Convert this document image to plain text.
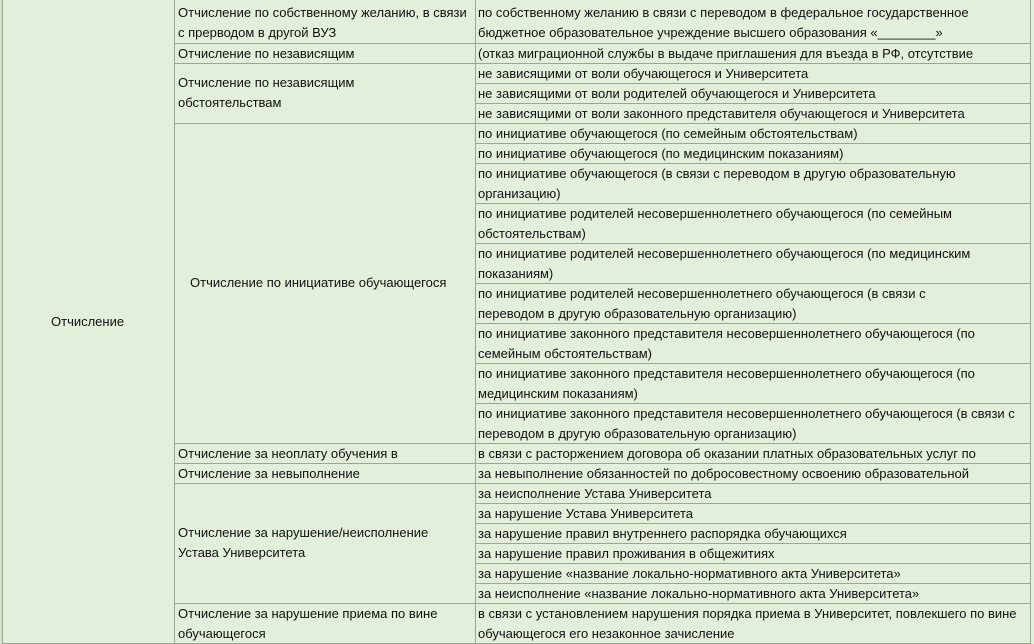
Отчисление
Отчисление по собственному желанию, в связи с прерводом в другой ВУЗ
Отчисление по независящим
Отчисление по независящим обстоятельствам
Отчисление по инициативе обучающегося
Отчисление за неоплату обучения в
Отчисление за невыполнение
Отчисление за нарушение/неисполнение Устава Университета
Отчисление за нарушение приема по вине обучающегося
по собственному желанию в связи с переводом в федеральное государственное бюджетное образовательное учреждение высшего образования «________»
(отказ миграционной службы в выдаче приглашения для въезда в РФ, отсутствие
не зависящими от воли обучающегося и Университета
не зависящими от воли родителей обучающегося и Университета
не зависящими от воли законного представителя обучающегося и Университета
по инициативе обучающегося (по семейным обстоятельствам)
по инициативе обучающегося (по медицинским показаниям)
по инициативе обучающегося (в связи с переводом в другую образовательную организацию)
по инициативе родителей несовершеннолетнего обучающегося (по семейным обстоятельствам)
по инициативе родителей несовершеннолетнего обучающегося (по медицинским показаниям)
по инициативе родителей несовершеннолетнего обучающегося (в связи с переводом в другую образовательную организацию)
по инициативе законного представителя несовершеннолетнего обучающегося (по семейным обстоятельствам)
по инициативе законного представителя несовершеннолетнего обучающегося (по медицинским показаниям)
по инициативе законного представителя несовершеннолетнего обучающегося (в связи с переводом в другую образовательную организацию)
в связи с расторжением договора об оказании платных образовательных услуг по
за невыполнение обязанностей по добросовестному освоению образовательной
за неисполнение Устава Университета
за нарушение Устава Университета
за нарушение правил внутреннего распорядка обучающихся
за нарушение правил проживания в общежитиях
за нарушение «название локально-нормативного акта Университета»
за неисполнение «название локально-нормативного акта Университета»
в связи с установлением нарушения порядка приема в Университет, повлекшего по вине обучающегося его незаконное зачисление
